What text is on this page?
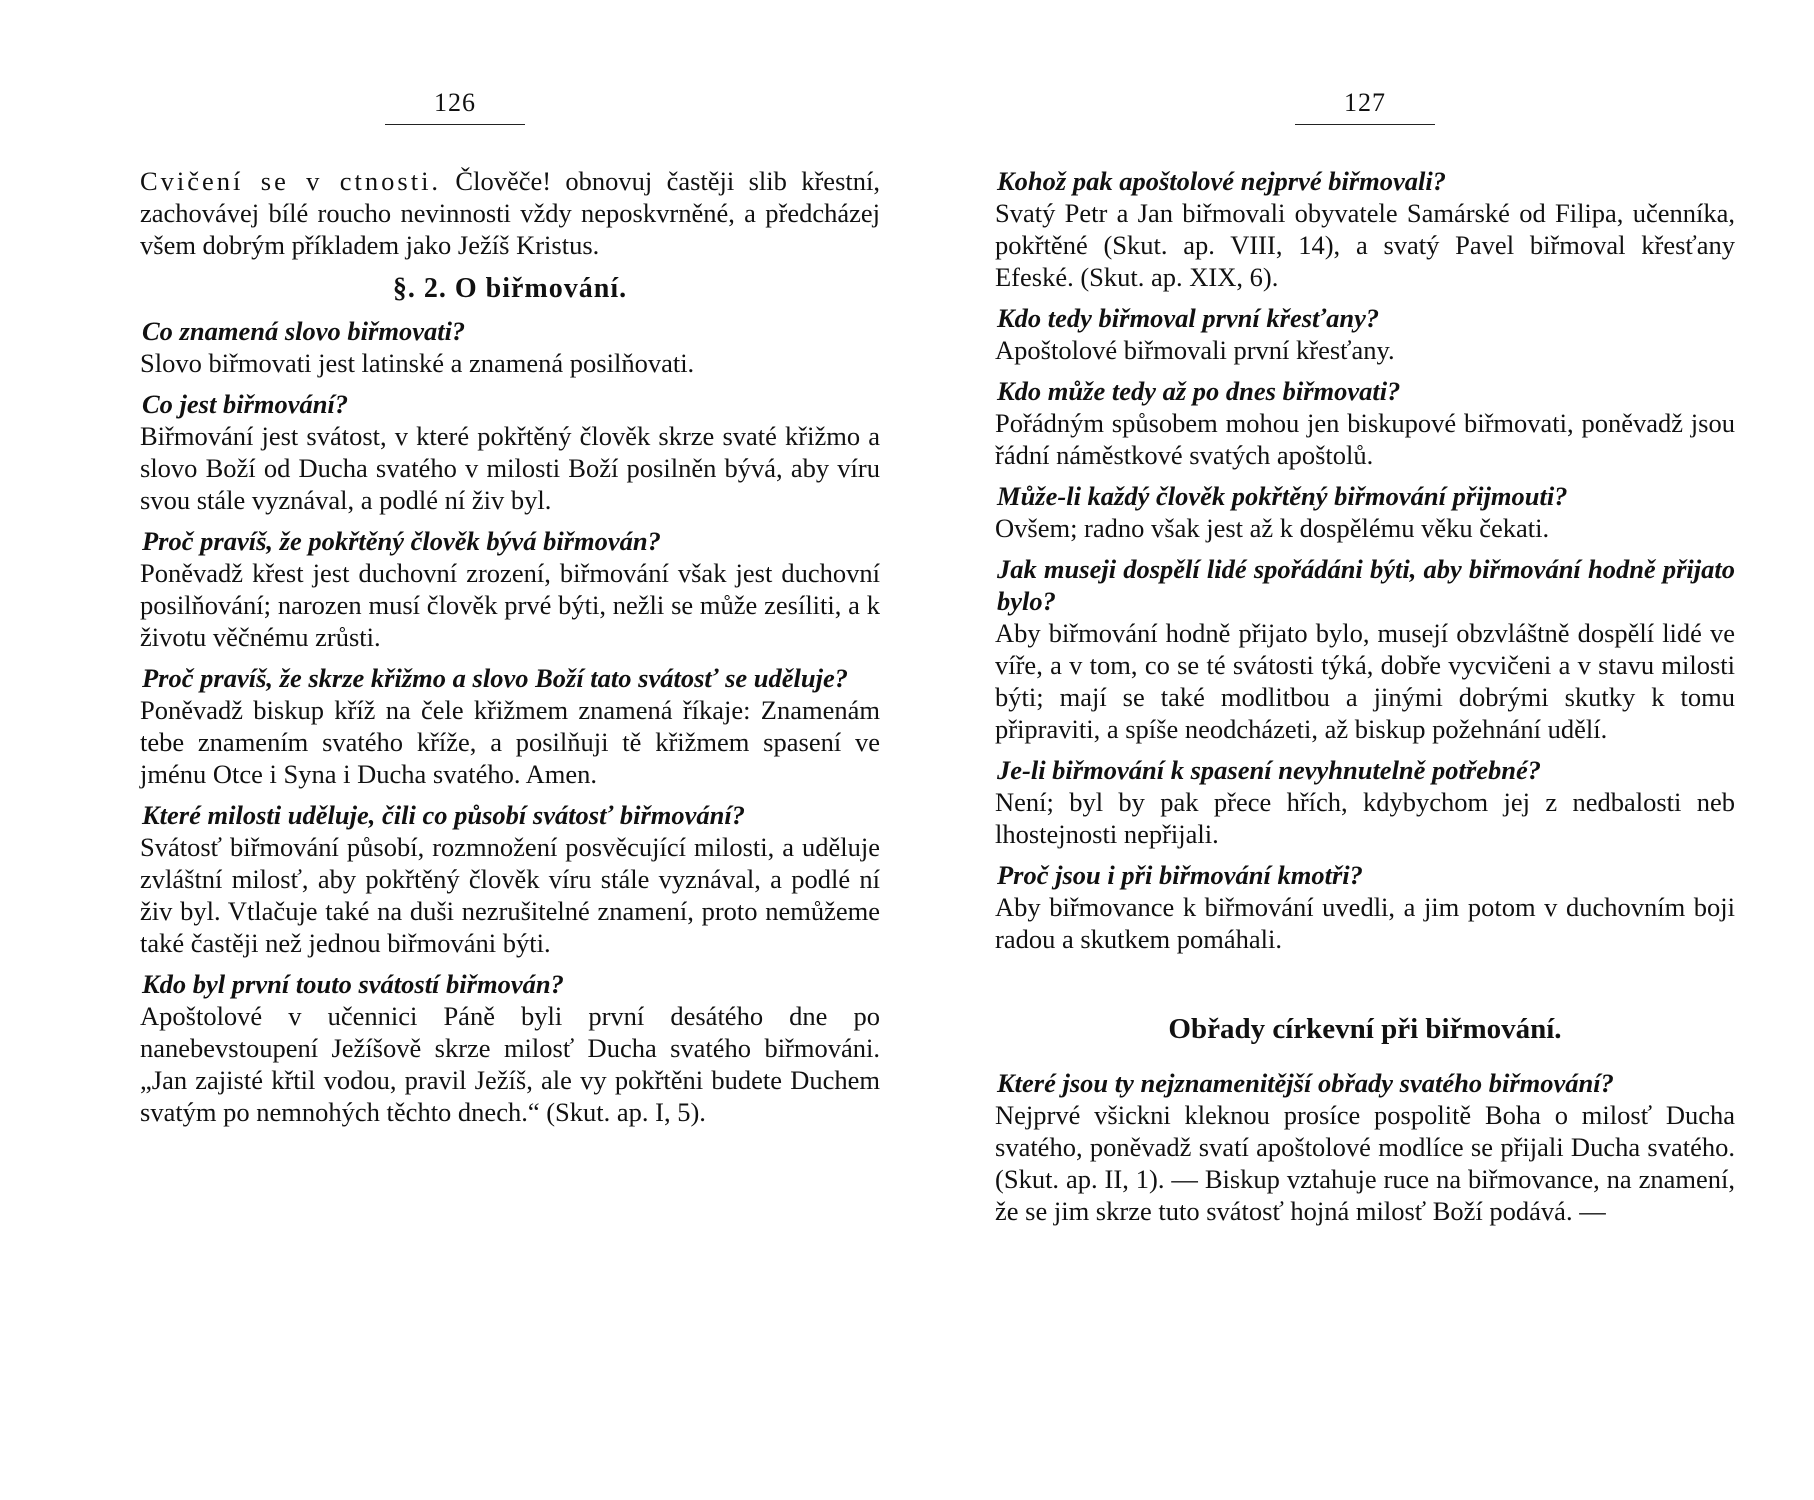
126

Cvičení se v ctnosti. Člověče! obnovuj častěji slib křestní, zachovávej bílé roucho nevinnosti vždy neposkvrněné, a předcházej všem dobrým příkladem jako Ježíš Kristus.

§. 2. O biřmování.

Co znamená slovo biřmovati?

Slovo biřmovati jest latinské a znamená posilňovati.

Co jest biřmování?

Biřmování jest svátost, v které pokřtěný člověk skrze svaté křižmo a slovo Boží od Ducha svatého v milosti Boží posilněn bývá, aby víru svou stále vyznával, a podlé ní živ byl.

Proč pravíš, že pokřtěný člověk bývá biřmován?

Poněvadž křest jest duchovní zrození, biřmování však jest duchovní posilňování; narozen musí člověk prvé býti, nežli se může zesíliti, a k životu věčnému zrůsti.

Proč pravíš, že skrze křižmo a slovo Boží tato svátosť se uděluje?

Poněvadž biskup kříž na čele křižmem znamená říkaje: Znamenám tebe znamením svatého kříže, a posilňuji tě křižmem spasení ve jménu Otce i Syna i Ducha svatého. Amen.

Které milosti uděluje, čili co působí svátosť biřmování?

Svátosť biřmování působí, rozmnožení posvěcující milosti, a uděluje zvláštní milosť, aby pokřtěný člověk víru stále vyznával, a podlé ní živ byl. Vtlačuje také na duši nezrušitelné znamení, proto nemůžeme také častěji než jednou biřmováni býti.

Kdo byl první touto svátostí biřmován?

Apoštolové v učennici Páně byli první desátého dne po nanebevstoupení Ježíšově skrze milosť Ducha svatého biřmováni. „Jan zajisté křtil vodou, pravil Ježíš, ale vy pokřtěni budete Duchem svatým po nemnohých těchto dnech.“ (Skut. ap. I, 5).

127

Kohož pak apoštolové nejprvé biřmovali?

Svatý Petr a Jan biřmovali obyvatele Samárské od Filipa, učenníka, pokřtěné (Skut. ap. VIII, 14), a svatý Pavel biřmoval křesťany Efeské. (Skut. ap. XIX, 6).

Kdo tedy biřmoval první křesťany?

Apoštolové biřmovali první křesťany.

Kdo může tedy až po dnes biřmovati?

Pořádným spůsobem mohou jen biskupové biřmovati, poněvadž jsou řádní náměstkové svatých apoštolů.

Může-li každý člověk pokřtěný biřmování přijmouti?

Ovšem; radno však jest až k dospělému věku čekati.

Jak museji dospělí lidé spořádáni býti, aby biřmování hodně přijato bylo?

Aby biřmování hodně přijato bylo, musejí obzvláštně dospělí lidé ve víře, a v tom, co se té svátosti týká, dobře vycvičeni a v stavu milosti býti; mají se také modlitbou a jinými dobrými skutky k tomu připraviti, a spíše neodcházeti, až biskup požehnání udělí.

Je-li biřmování k spasení nevyhnutelně potřebné?

Není; byl by pak přece hřích, kdybychom jej z nedbalosti neb lhostejnosti nepřijali.

Proč jsou i při biřmování kmotři?

Aby biřmovance k biřmování uvedli, a jim potom v duchovním boji radou a skutkem pomáhali.

Obřady církevní při biřmování.

Které jsou ty nejznamenitější obřady svatého biřmování?

Nejprvé všickni kleknou prosíce pospolitě Boha o milosť Ducha svatého, poněvadž svatí apoštolové modlíce se přijali Ducha svatého. (Skut. ap. II, 1). — Biskup vztahuje ruce na biřmovance, na znamení, že se jim skrze tuto svátosť hojná milosť Boží podává. —
